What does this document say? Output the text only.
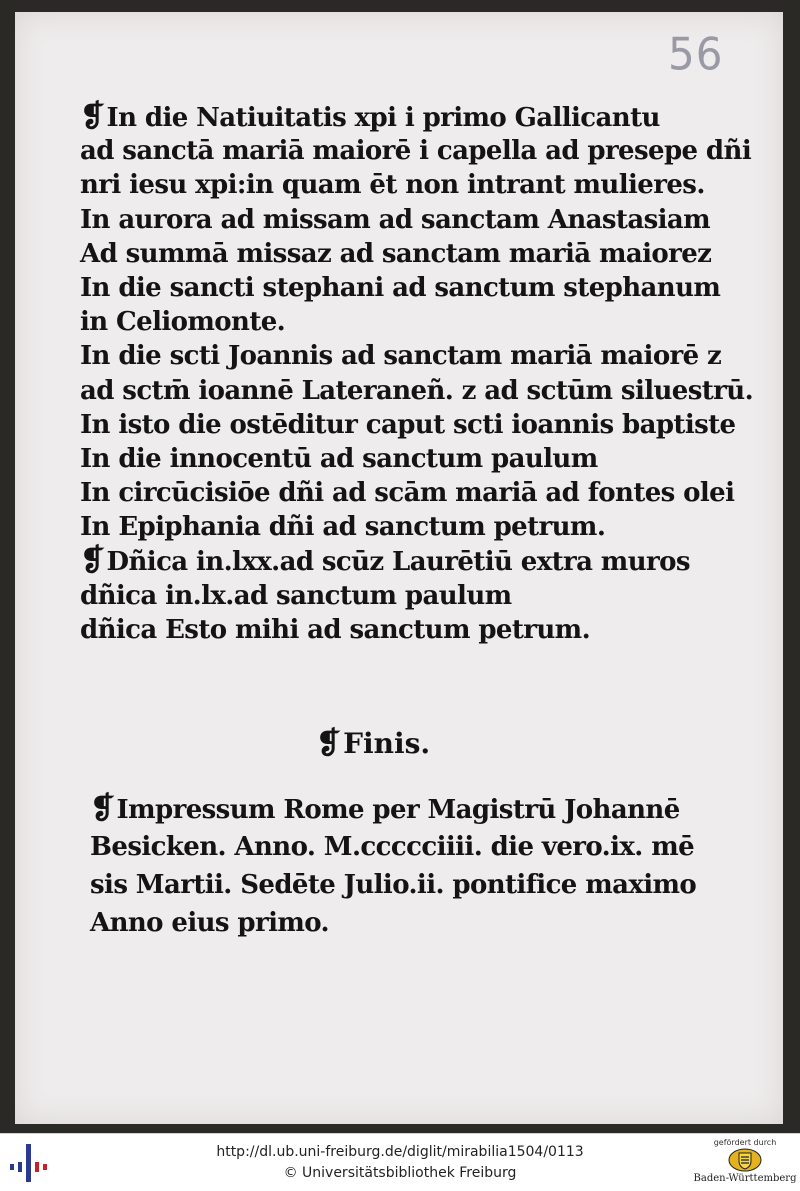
56
❡In die Natiuitatis xpi i primo Gallicantu
ad sanctā mariā maiorē i capella ad presepe dñi
nri iesu xpi:in quam ēt non intrant mulieres.
In aurora ad missam ad sanctam Anastasiam
Ad summā missaz ad sanctam mariā maiorez
In die sancti stephani ad sanctum stephanum
in Celiomonte.
In die scti Joannis ad sanctam mariā maiorē z
ad sctm̄ ioannē Lateraneñ. z ad sctūm siluestrū.
In isto die ostēditur caput scti ioannis baptiste
In die innocentū ad sanctum paulum
In circūcisiōe dñi ad scām mariā ad fontes olei
In Epiphania dñi ad sanctum petrum.
❡Dñica in.lxx.ad scūz Laurētiū extra muros
dñica in.lx.ad sanctum paulum
dñica Esto mihi ad sanctum petrum.
❡Finis.
❡Impressum Rome per Magistrū Johannē
Besicken. Anno. M.ccccciiii. die vero.ix. mē
sis Martii. Sedēte Julio.ii. pontifice maximo
Anno eius primo.
http://dl.ub.uni-freiburg.de/diglit/mirabilia1504/0113
© Universitätsbibliothek Freiburg
gefördert durch
Baden-Württemberg
